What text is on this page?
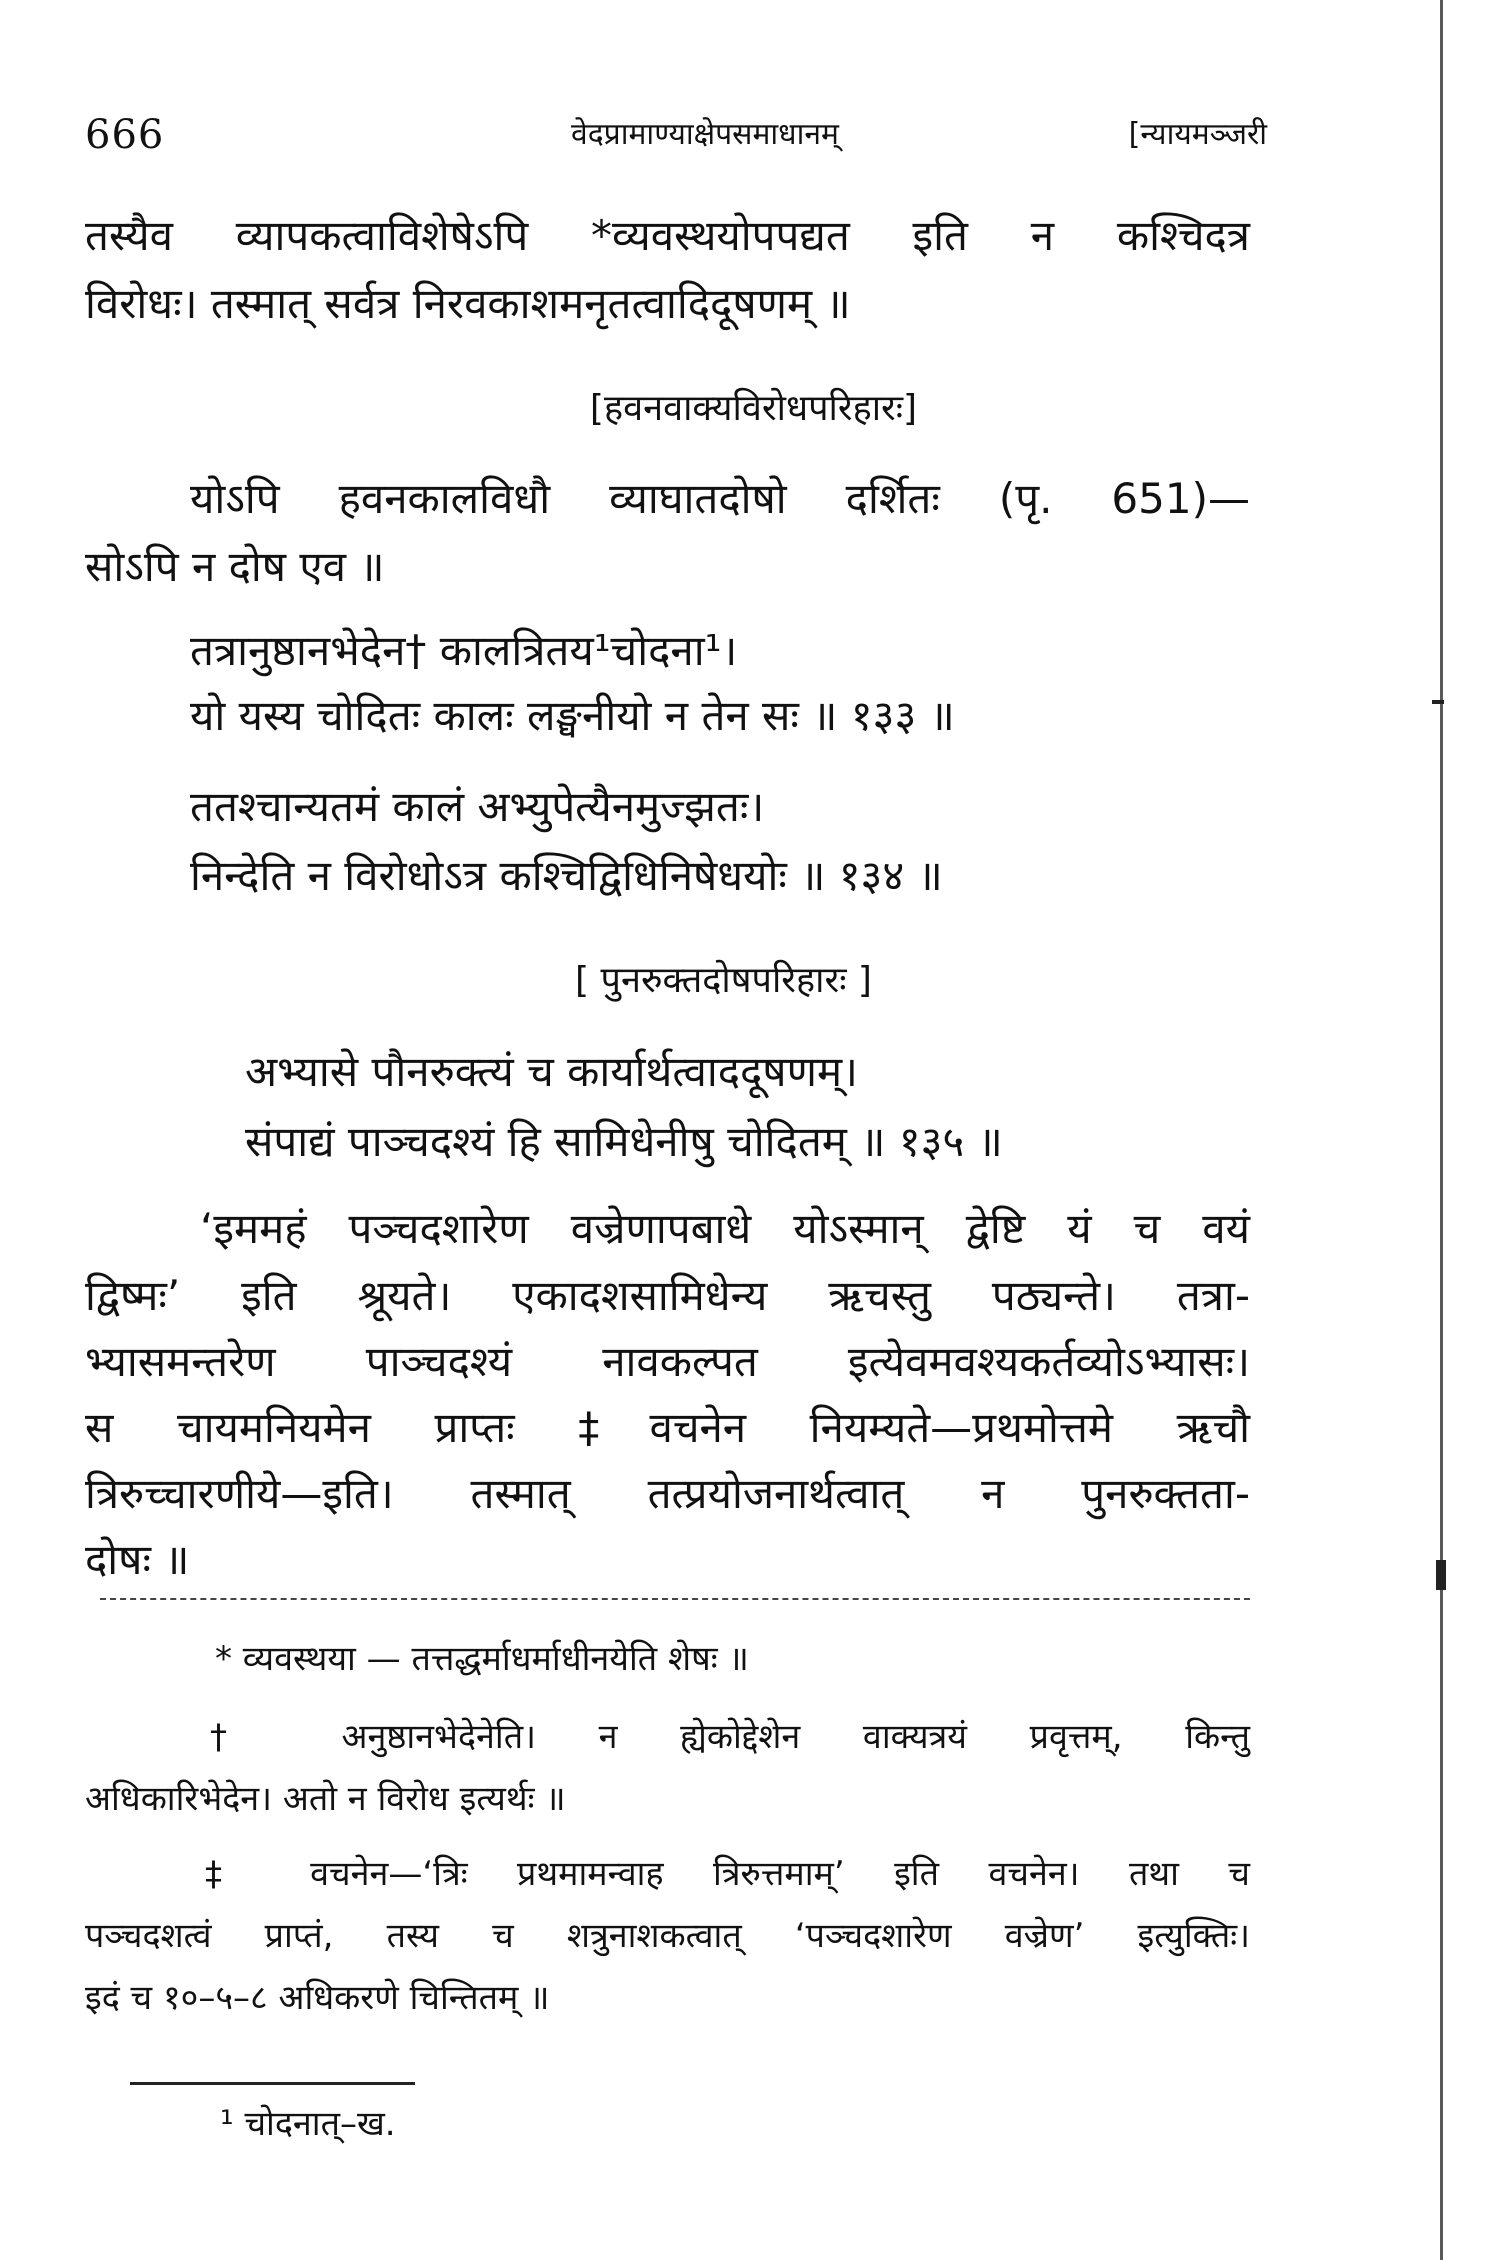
666	वेदप्रामाण्याक्षेपसमाधानम्	[न्यायमञ्जरी
तस्यैव व्यापकत्वाविशेषेऽपि *व्यवस्थयोपपद्यत इति न कश्चिदत्र
विरोधः। तस्मात् सर्वत्र निरवकाशमनृतत्वादिदूषणम् ॥
[हवनवाक्यविरोधपरिहारः]
योऽपि हवनकालविधौ व्याघातदोषो दर्शितः (पृ. 651)—
सोऽपि न दोष एव ॥
तत्रानुष्ठानभेदेन† कालत्रितय¹चोदना¹।
यो यस्य चोदितः कालः लङ्घनीयो न तेन सः ॥ १३३ ॥
ततश्चान्यतमं कालं अभ्युपेत्यैनमुज्झतः।
निन्देति न विरोधोऽत्र कश्चिद्विधिनिषेधयोः ॥ १३४ ॥
[ पुनरुक्तदोषपरिहारः ]
अभ्यासे पौनरुक्त्यं च कार्यार्थत्वाददूषणम्।
संपाद्यं पाञ्चदश्यं हि सामिधेनीषु चोदितम् ॥ १३५ ॥
‘इममहं पञ्चदशारेण वज्रेणापबाधे योऽस्मान् द्वेष्टि यं च वयं
द्विष्मः’ इति श्रूयते। एकादशसामिधेन्य ऋचस्तु पठ्यन्ते। तत्रा-
भ्यासमन्तरेण पाञ्चदश्यं नावकल्पत इत्येवमवश्यकर्तव्योऽभ्यासः।
स चायमनियमेन प्राप्तः ‡वचनेन नियम्यते—प्रथमोत्तमे ऋचौ
त्रिरुच्चारणीये—इति। तस्मात् तत्प्रयोजनार्थत्वात् न पुनरुक्तता-
दोषः ॥
* व्यवस्थया — तत्तद्धर्माधर्माधीनयेति शेषः ॥
† अनुष्ठानभेदेनेति। न ह्येकोद्देशेन वाक्यत्रयं प्रवृत्तम्, किन्तु
अधिकारिभेदेन। अतो न विरोध इत्यर्थः ॥
‡ वचनेन—‘त्रिः प्रथमामन्वाह त्रिरुत्तमाम्’ इति वचनेन। तथा च
पञ्चदशत्वं प्राप्तं, तस्य च शत्रुनाशकत्वात् ‘पञ्चदशारेण वज्रेण’ इत्युक्तिः।
इदं च १०–५–८ अधिकरणे चिन्तितम् ॥
¹ चोदनात्–ख.
